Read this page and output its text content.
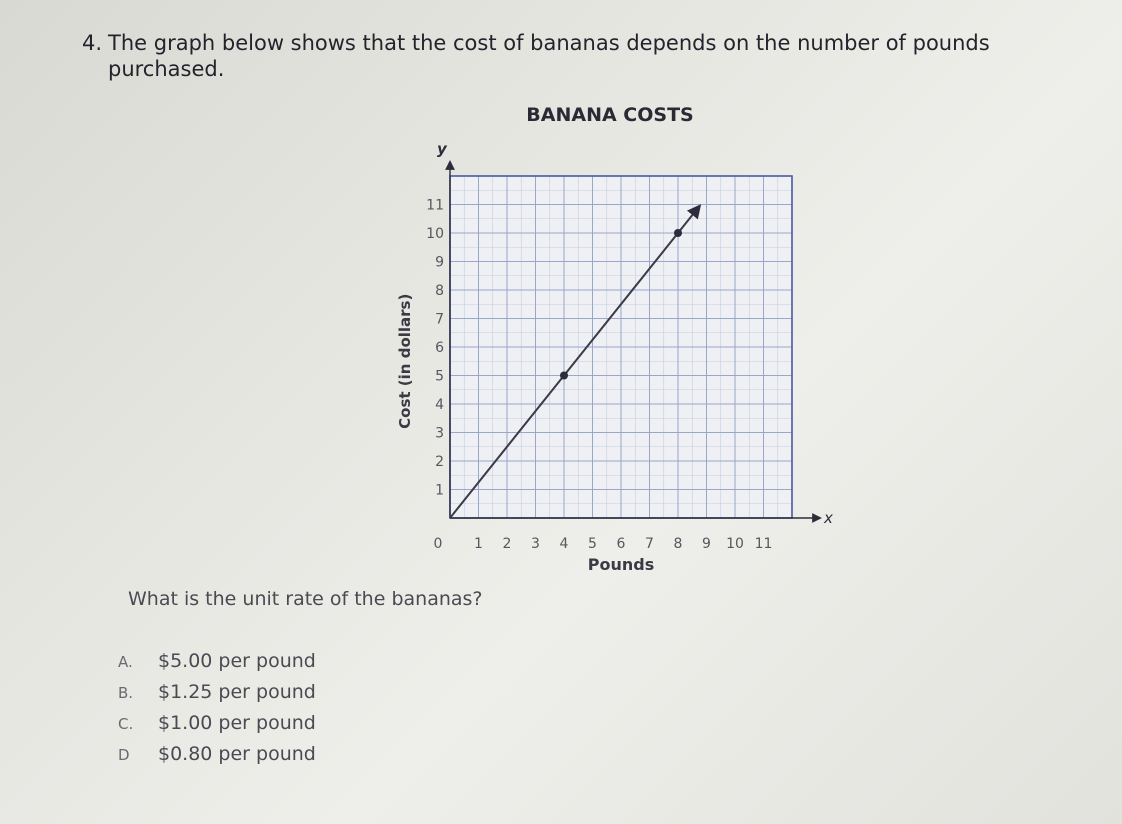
4. The graph below shows that the cost of bananas depends on the number of pounds purchased.
BANANA COSTS
x
y
0 1 2 3 4 5 6 7 8 9 10 11
1
2
3
4
5
6
7
8
9
10
11
Pounds
Cost (in dollars)
What is the unit rate of the bananas?
A.	$5.00 per pound
B.	$1.25 per pound
C.	$1.00 per pound
D	$0.80 per pound
